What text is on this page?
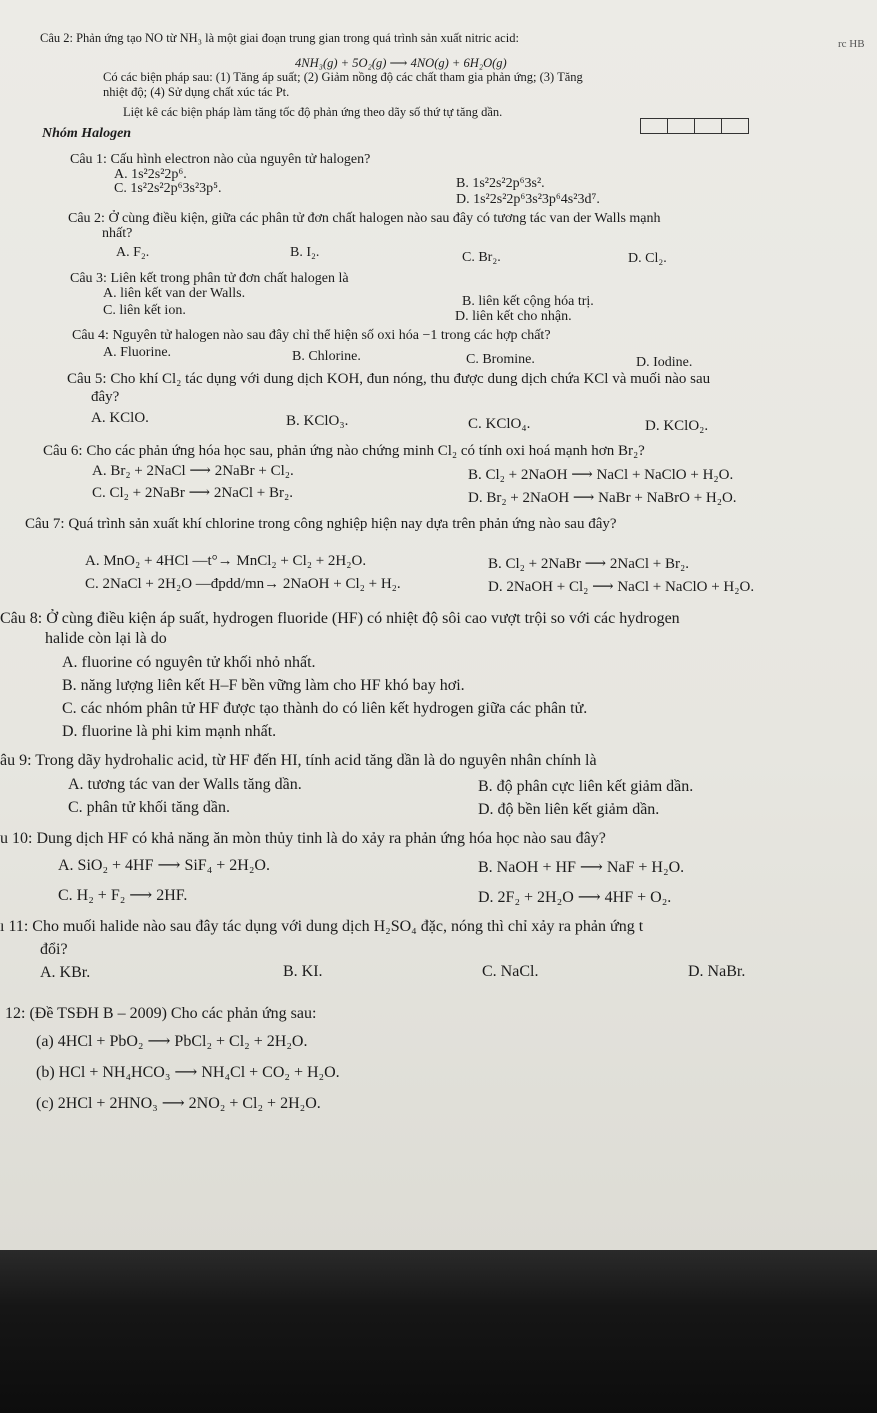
Câu 2: Phản ứng tạo NO từ NH₃ là một giai đoạn trung gian trong quá trình sản xuất nitric acid:	rc HB
4NH₃(g) + 5O₂(g) ⟶ 4NO(g) + 6H₂O(g)
Có các biện pháp sau: (1) Tăng áp suất; (2) Giảm nồng độ các chất tham gia phản ứng; (3) Tăng
nhiệt độ; (4) Sử dụng chất xúc tác Pt.
Liệt kê các biện pháp làm tăng tốc độ phản ứng theo dãy số thứ tự tăng dần.
Nhóm Halogen
Câu 1: Cấu hình electron nào của nguyên tử halogen?
A. 1s²2s²2p⁶.
B. 1s²2s²2p⁶3s².
C. 1s²2s²2p⁶3s²3p⁵.
D. 1s²2s²2p⁶3s²3p⁶4s²3d⁷.
Câu 2: Ở cùng điều kiện, giữa các phân tử đơn chất halogen nào sau đây có tương tác van der Walls mạnh
nhất?
A. F₂.	B. I₂.	C. Br₂.	D. Cl₂.
Câu 3: Liên kết trong phân tử đơn chất halogen là
A. liên kết van der Walls.
B. liên kết cộng hóa trị.
C. liên kết ion.	D. liên kết cho nhận.
Câu 4: Nguyên tử halogen nào sau đây chỉ thể hiện số oxi hóa −1 trong các hợp chất?
A. Fluorine.	B. Chlorine.	C. Bromine.	D. Iodine.
Câu 5: Cho khí Cl₂ tác dụng với dung dịch KOH, đun nóng, thu được dung dịch chứa KCl và muối nào sau
đây?
A. KClO.	B. KClO₃.	C. KClO₄.	D. KClO₂.
Câu 6: Cho các phản ứng hóa học sau, phản ứng nào chứng minh Cl₂ có tính oxi hoá mạnh hơn Br₂?
A. Br₂ + 2NaCl ⟶ 2NaBr + Cl₂.	B. Cl₂ + 2NaOH ⟶ NaCl + NaClO + H₂O.
C. Cl₂ + 2NaBr ⟶ 2NaCl + Br₂.	D. Br₂ + 2NaOH ⟶ NaBr + NaBrO + H₂O.
Câu 7: Quá trình sản xuất khí chlorine trong công nghiệp hiện nay dựa trên phản ứng nào sau đây?
A. MnO₂ + 4HCl —t°→ MnCl₂ + Cl₂ + 2H₂O.	B. Cl₂ + 2NaBr ⟶ 2NaCl + Br₂.
C. 2NaCl + 2H₂O —đpdd/mn→ 2NaOH + Cl₂ + H₂.	D. 2NaOH + Cl₂ ⟶ NaCl + NaClO + H₂O.
Câu 8: Ở cùng điều kiện áp suất, hydrogen fluoride (HF) có nhiệt độ sôi cao vượt trội so với các hydrogen
halide còn lại là do
A. fluorine có nguyên tử khối nhỏ nhất.
B. năng lượng liên kết H–F bền vững làm cho HF khó bay hơi.
C. các nhóm phân tử HF được tạo thành do có liên kết hydrogen giữa các phân tử.
D. fluorine là phi kim mạnh nhất.
âu 9: Trong dãy hydrohalic acid, từ HF đến HI, tính acid tăng dần là do nguyên nhân chính là
A. tương tác van der Walls tăng dần.	B. độ phân cực liên kết giảm dần.
C. phân tử khối tăng dần.	D. độ bền liên kết giảm dần.
u 10: Dung dịch HF có khả năng ăn mòn thủy tinh là do xảy ra phản ứng hóa học nào sau đây?
A. SiO₂ + 4HF ⟶ SiF₄ + 2H₂O.	B. NaOH + HF ⟶ NaF + H₂O.
C. H₂ + F₂ ⟶ 2HF.	D. 2F₂ + 2H₂O ⟶ 4HF + O₂.
ı 11: Cho muối halide nào sau đây tác dụng với dung dịch H₂SO₄ đặc, nóng thì chỉ xảy ra phản ứng t
đổi?
A. KBr.	B. KI.	C. NaCl.	D. NaBr.
12: (Đề TSĐH B – 2009) Cho các phản ứng sau:
(a) 4HCl + PbO₂ ⟶ PbCl₂ + Cl₂ + 2H₂O.
(b) HCl + NH₄HCO₃ ⟶ NH₄Cl + CO₂ + H₂O.
(c) 2HCl + 2HNO₃ ⟶ 2NO₂ + Cl₂ + 2H₂O.
